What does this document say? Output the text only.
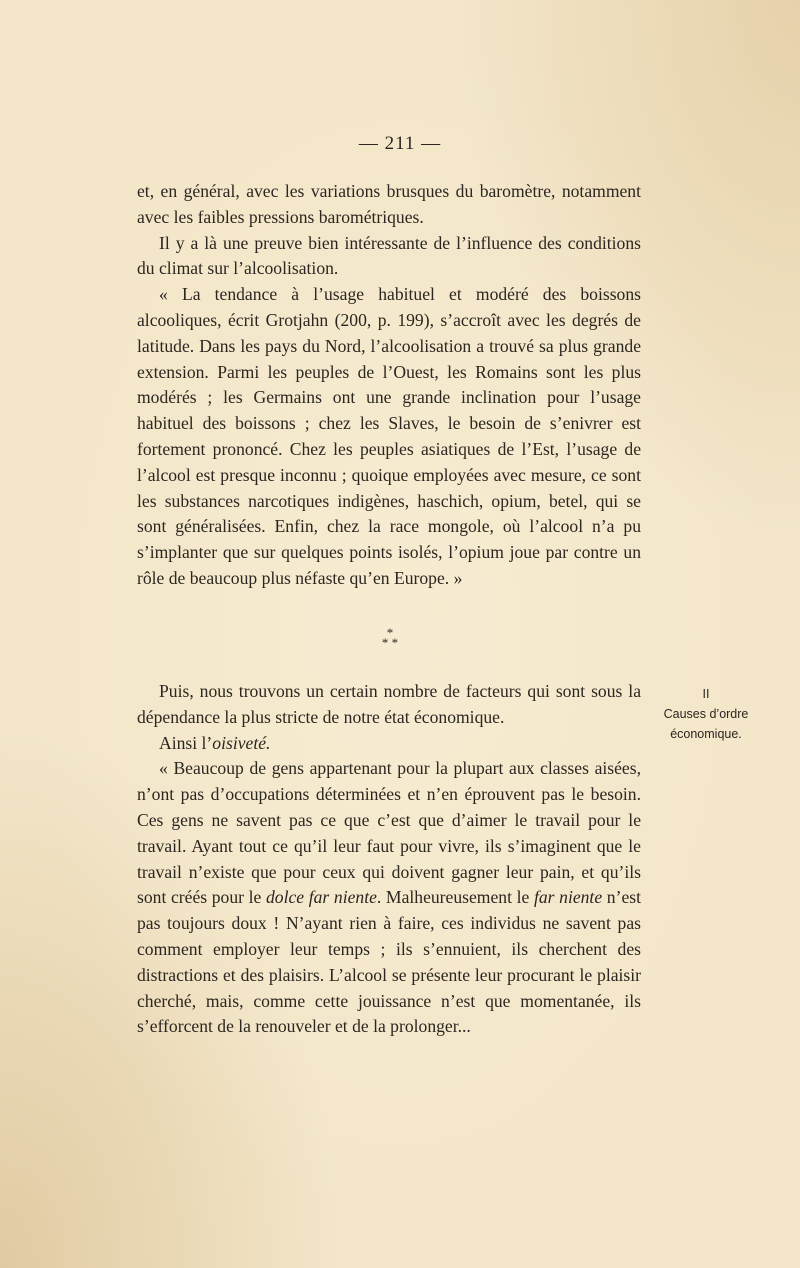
— 211 —

et, en général, avec les variations brusques du baromètre, notamment avec les faibles pressions barométriques.

Il y a là une preuve bien intéressante de l’influence des conditions du climat sur l’alcoolisation.

« La tendance à l’usage habituel et modéré des boissons alcooliques, écrit Grotjahn (200, p. 199), s’accroît avec les degrés de latitude. Dans les pays du Nord, l’alcoolisation a trouvé sa plus grande extension. Parmi les peuples de l’Ouest, les Romains sont les plus modérés ; les Germains ont une grande inclination pour l’usage habituel des boissons ; chez les Slaves, le besoin de s’enivrer est fortement prononcé. Chez les peuples asiatiques de l’Est, l’usage de l’alcool est presque inconnu ; quoique employées avec mesure, ce sont les substances narcotiques indigènes, haschich, opium, betel, qui se sont généralisées. Enfin, chez la race mongole, où l’alcool n’a pu s’implanter que sur quelques points isolés, l’opium joue par contre un rôle de beaucoup plus néfaste qu’en Europe. »

*
* *

Puis, nous trouvons un certain nombre de facteurs qui sont sous la dépendance la plus stricte de notre état économique.

Ainsi l’oisiveté.

« Beaucoup de gens appartenant pour la plupart aux classes aisées, n’ont pas d’occupations déterminées et n’en éprouvent pas le besoin. Ces gens ne savent pas ce que c’est que d’aimer le travail pour le travail. Ayant tout ce qu’il leur faut pour vivre, ils s’imaginent que le travail n’existe que pour ceux qui doivent gagner leur pain, et qu’ils sont créés pour le dolce far niente. Malheureusement le far niente n’est pas toujours doux ! N’ayant rien à faire, ces individus ne savent pas comment employer leur temps ; ils s’ennuient, ils cherchent des distractions et des plaisirs. L’alcool se présente leur procurant le plaisir cherché, mais, comme cette jouissance n’est que momentanée, ils s’efforcent de la renouveler et de la prolonger...

II
Causes d’ordre
économique.
